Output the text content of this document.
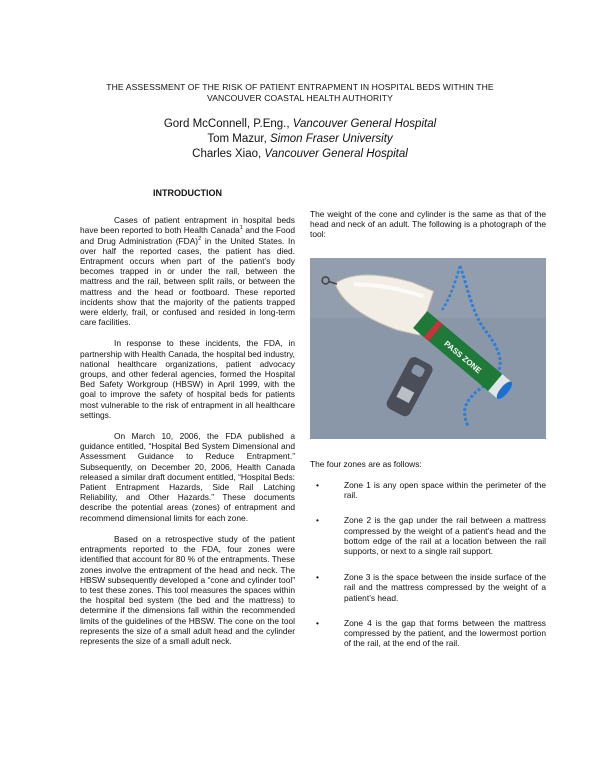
THE ASSESSMENT OF THE RISK OF PATIENT ENTRAPMENT IN HOSPITAL BEDS WITHIN THE
VANCOUVER COASTAL HEALTH AUTHORITY
Gord McConnell, P.Eng., Vancouver General Hospital
Tom Mazur, Simon Fraser University
Charles Xiao, Vancouver General Hospital
INTRODUCTION

Cases of patient entrapment in hospital beds have been reported to both Health Canada$^1$ and the Food and Drug Administration (FDA)$^2$ in the United States. In over half the reported cases, the patient has died. Entrapment occurs when part of the patient’s body becomes trapped in or under the rail, between the mattress and the rail, between split rails, or between the mattress and the head or footboard. These reported incidents show that the majority of the patients trapped were elderly, frail, or confused and resided in long-term care facilities.

In response to these incidents, the FDA, in partnership with Health Canada, the hospital bed industry, national healthcare organizations, patient advocacy groups, and other federal agencies, formed the Hospital Bed Safety Workgroup (HBSW) in April 1999, with the goal to improve the safety of hospital beds for patients most vulnerable to the risk of entrapment in all healthcare settings.

On March 10, 2006, the FDA published a guidance entitled, “Hospital Bed System Dimensional and Assessment Guidance to Reduce Entrapment.” Subsequently, on December 20, 2006, Health Canada released a similar draft document entitled, “Hospital Beds: Patient Entrapment Hazards, Side Rail Latching Reliability, and Other Hazards.” These documents describe the potential areas (zones) of entrapment and recommend dimensional limits for each zone.

Based on a retrospective study of the patient entrapments reported to the FDA, four zones were identified that account for 80 % of the entrapments. These zones involve the entrapment of the head and neck. The HBSW subsequently developed a “cone and cylinder tool” to test these zones. This tool measures the spaces within the hospital bed system (the bed and the mattress) to determine if the dimensions fall within the recommended limits of the guidelines of the HBSW. The cone on the tool represents the size of a small adult head and the cylinder represents the size of a small adult neck.

The weight of the cone and cylinder is the same as that of the head and neck of an adult. The following is a photograph of the tool:

PASS ZONE

The four zones are as follows:

•	Zone 1 is any open space within the perimeter of the rail.
•	Zone 2 is the gap under the rail between a mattress compressed by the weight of a patient’s head and the bottom edge of the rail at a location between the rail supports, or next to a single rail support.
•	Zone 3 is the space between the inside surface of the rail and the mattress compressed by the weight of a patient’s head.
•	Zone 4 is the gap that forms between the mattress compressed by the patient, and the lowermost portion of the rail, at the end of the rail.
